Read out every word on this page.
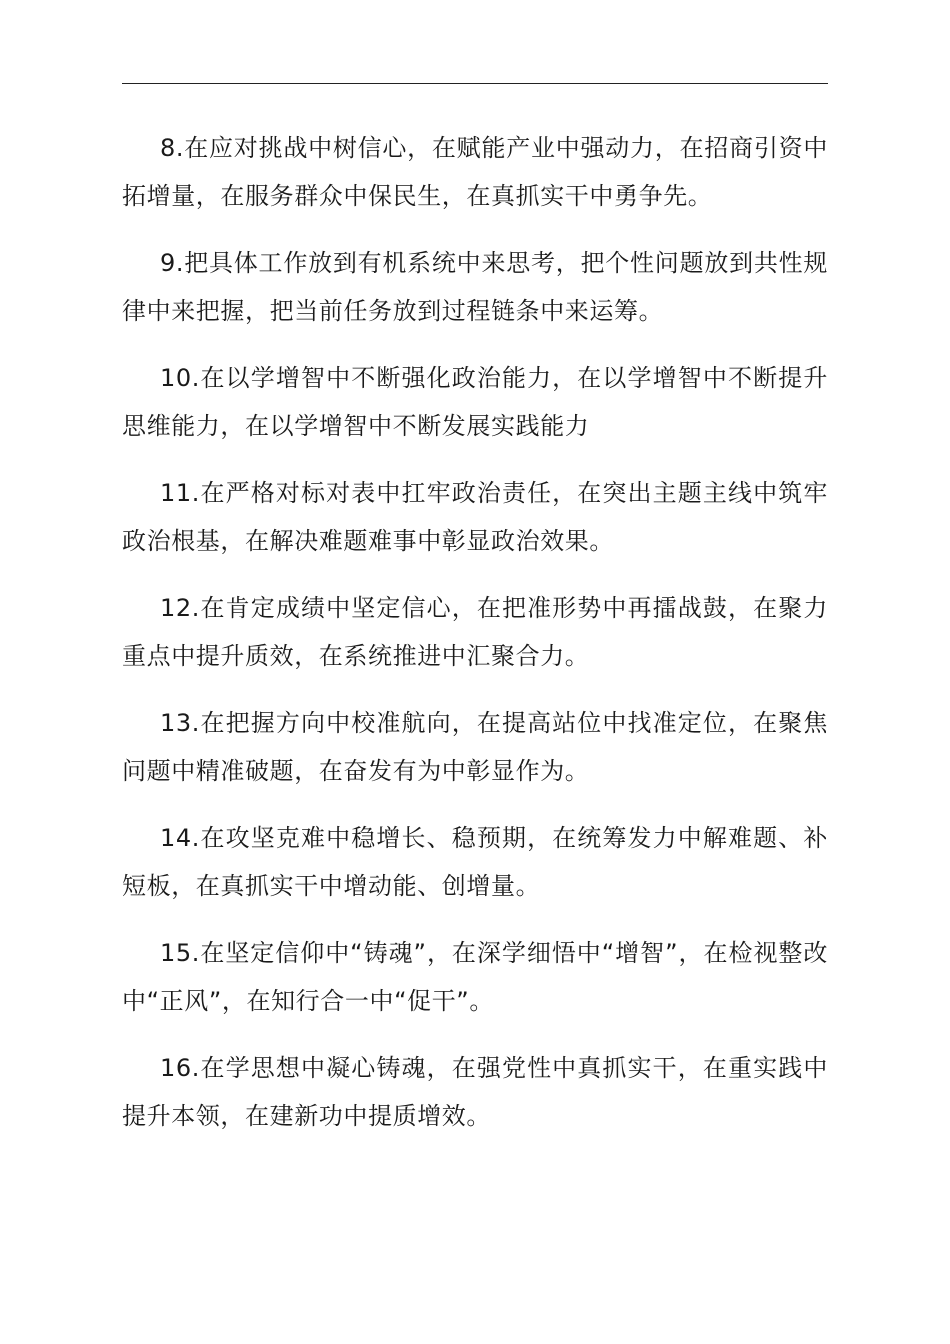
8.在应对挑战中树信心，在赋能产业中强动力，在招商引资中拓增量，在服务群众中保民生，在真抓实干中勇争先。

9.把具体工作放到有机系统中来思考，把个性问题放到共性规律中来把握，把当前任务放到过程链条中来运筹。

10.在以学增智中不断强化政治能力，在以学增智中不断提升思维能力，在以学增智中不断发展实践能力

11.在严格对标对表中扛牢政治责任，在突出主题主线中筑牢政治根基，在解决难题难事中彰显政治效果。

12.在肯定成绩中坚定信心，在把准形势中再擂战鼓，在聚力重点中提升质效，在系统推进中汇聚合力。

13.在把握方向中校准航向，在提高站位中找准定位，在聚焦问题中精准破题，在奋发有为中彰显作为。

14.在攻坚克难中稳增长、稳预期，在统筹发力中解难题、补短板，在真抓实干中增动能、创增量。

15.在坚定信仰中“铸魂”，在深学细悟中“增智”，在检视整改中“正风”，在知行合一中“促干”。

16.在学思想中凝心铸魂，在强党性中真抓实干，在重实践中提升本领，在建新功中提质增效。
